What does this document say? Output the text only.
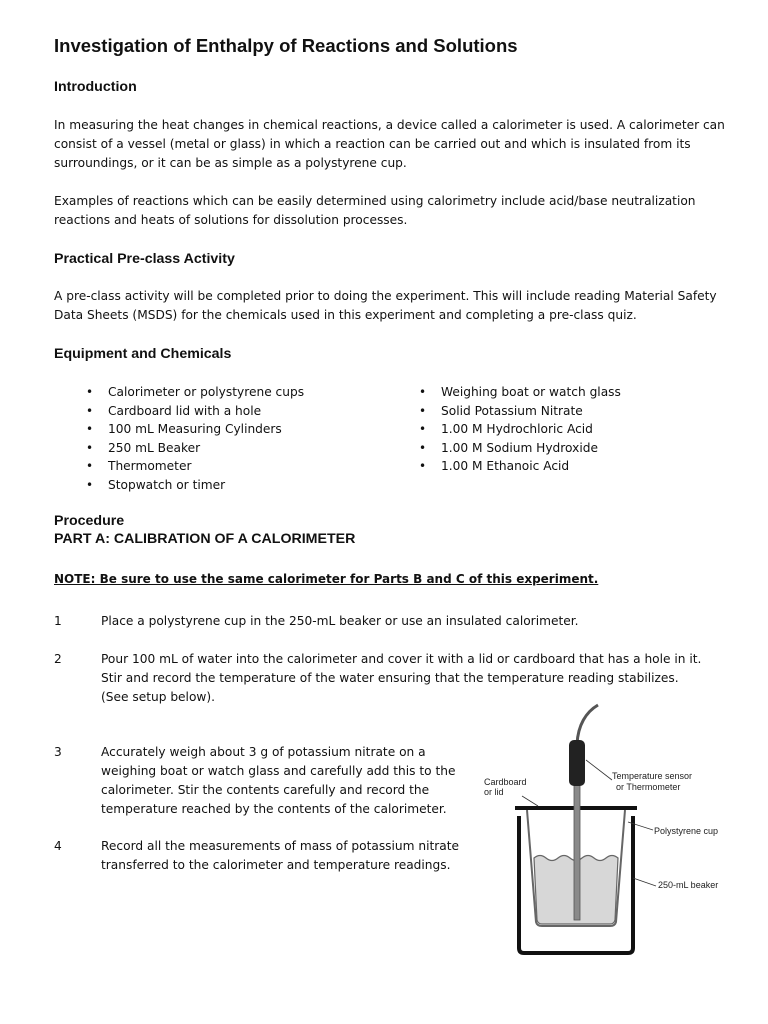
Investigation of Enthalpy of Reactions and Solutions
Introduction

In measuring the heat changes in chemical reactions, a device called a calorimeter is used. A calorimeter can consist of a vessel (metal or glass) in which a reaction can be carried out and which is insulated from its surroundings, or it can be as simple as a polystyrene cup.

Examples of reactions which can be easily determined using calorimetry include acid/base neutralization reactions and heats of solutions for dissolution processes.

Practical Pre-class Activity

A pre-class activity will be completed prior to doing the experiment. This will include reading Material Safety Data Sheets (MSDS) for the chemicals used in this experiment and completing a pre-class quiz.

Equipment and Chemicals
• Calorimeter or polystyrene cups
• Cardboard lid with a hole
• 100 mL Measuring Cylinders
• 250 mL Beaker
• Thermometer
• Stopwatch or timer
• Weighing boat or watch glass
• Solid Potassium Nitrate
• 1.00 M Hydrochloric Acid
• 1.00 M Sodium Hydroxide
• 1.00 M Ethanoic Acid
Procedure
PART A: CALIBRATION OF A CALORIMETER

NOTE: Be sure to use the same calorimeter for Parts B and C of this experiment.

1	Place a polystyrene cup in the 250-mL beaker or use an insulated calorimeter.
2	Pour 100 mL of water into the calorimeter and cover it with a lid or cardboard that has a hole in it.
Stir and record the temperature of the water ensuring that the temperature reading stabilizes.
(See setup below).
3	Accurately weigh about 3 g of potassium nitrate on a
weighing boat or watch glass and carefully add this to the
calorimeter. Stir the contents carefully and record the
temperature reached by the contents of the calorimeter.
4	Record all the measurements of mass of potassium nitrate
transferred to the calorimeter and temperature readings.
Cardboard
or lid
Temperature sensor
or Thermometer
Polystyrene cup
250-mL beaker
